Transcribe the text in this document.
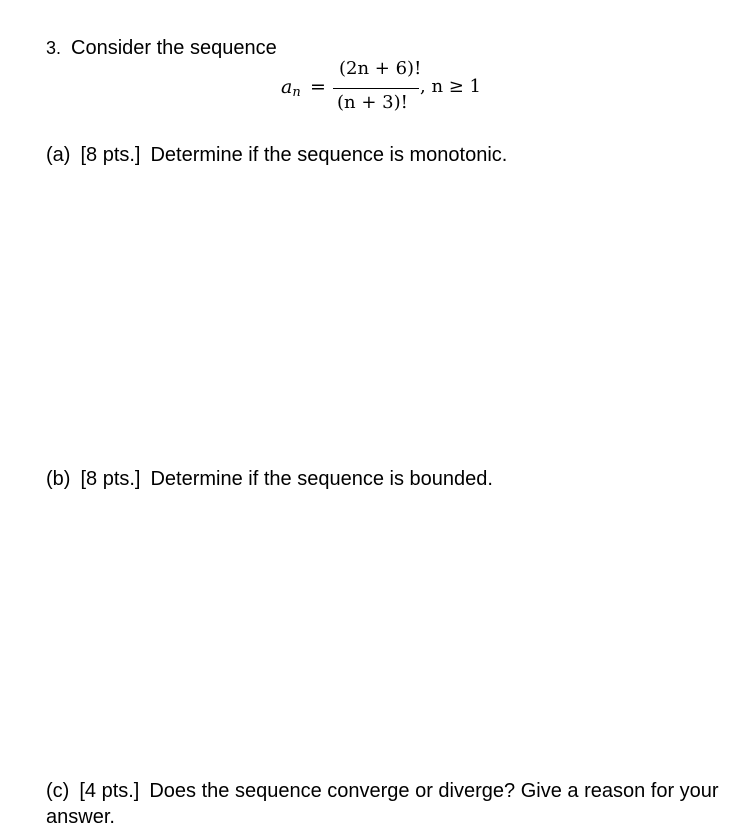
3. Consider the sequence
$a_n$ =
(2n + 6)!
(n + 3)!
, n ≥ 1
(a) [8 pts.] Determine if the sequence is monotonic.
(b) [8 pts.] Determine if the sequence is bounded.
(c) [4 pts.] Does the sequence converge or diverge? Give a reason for your answer.
